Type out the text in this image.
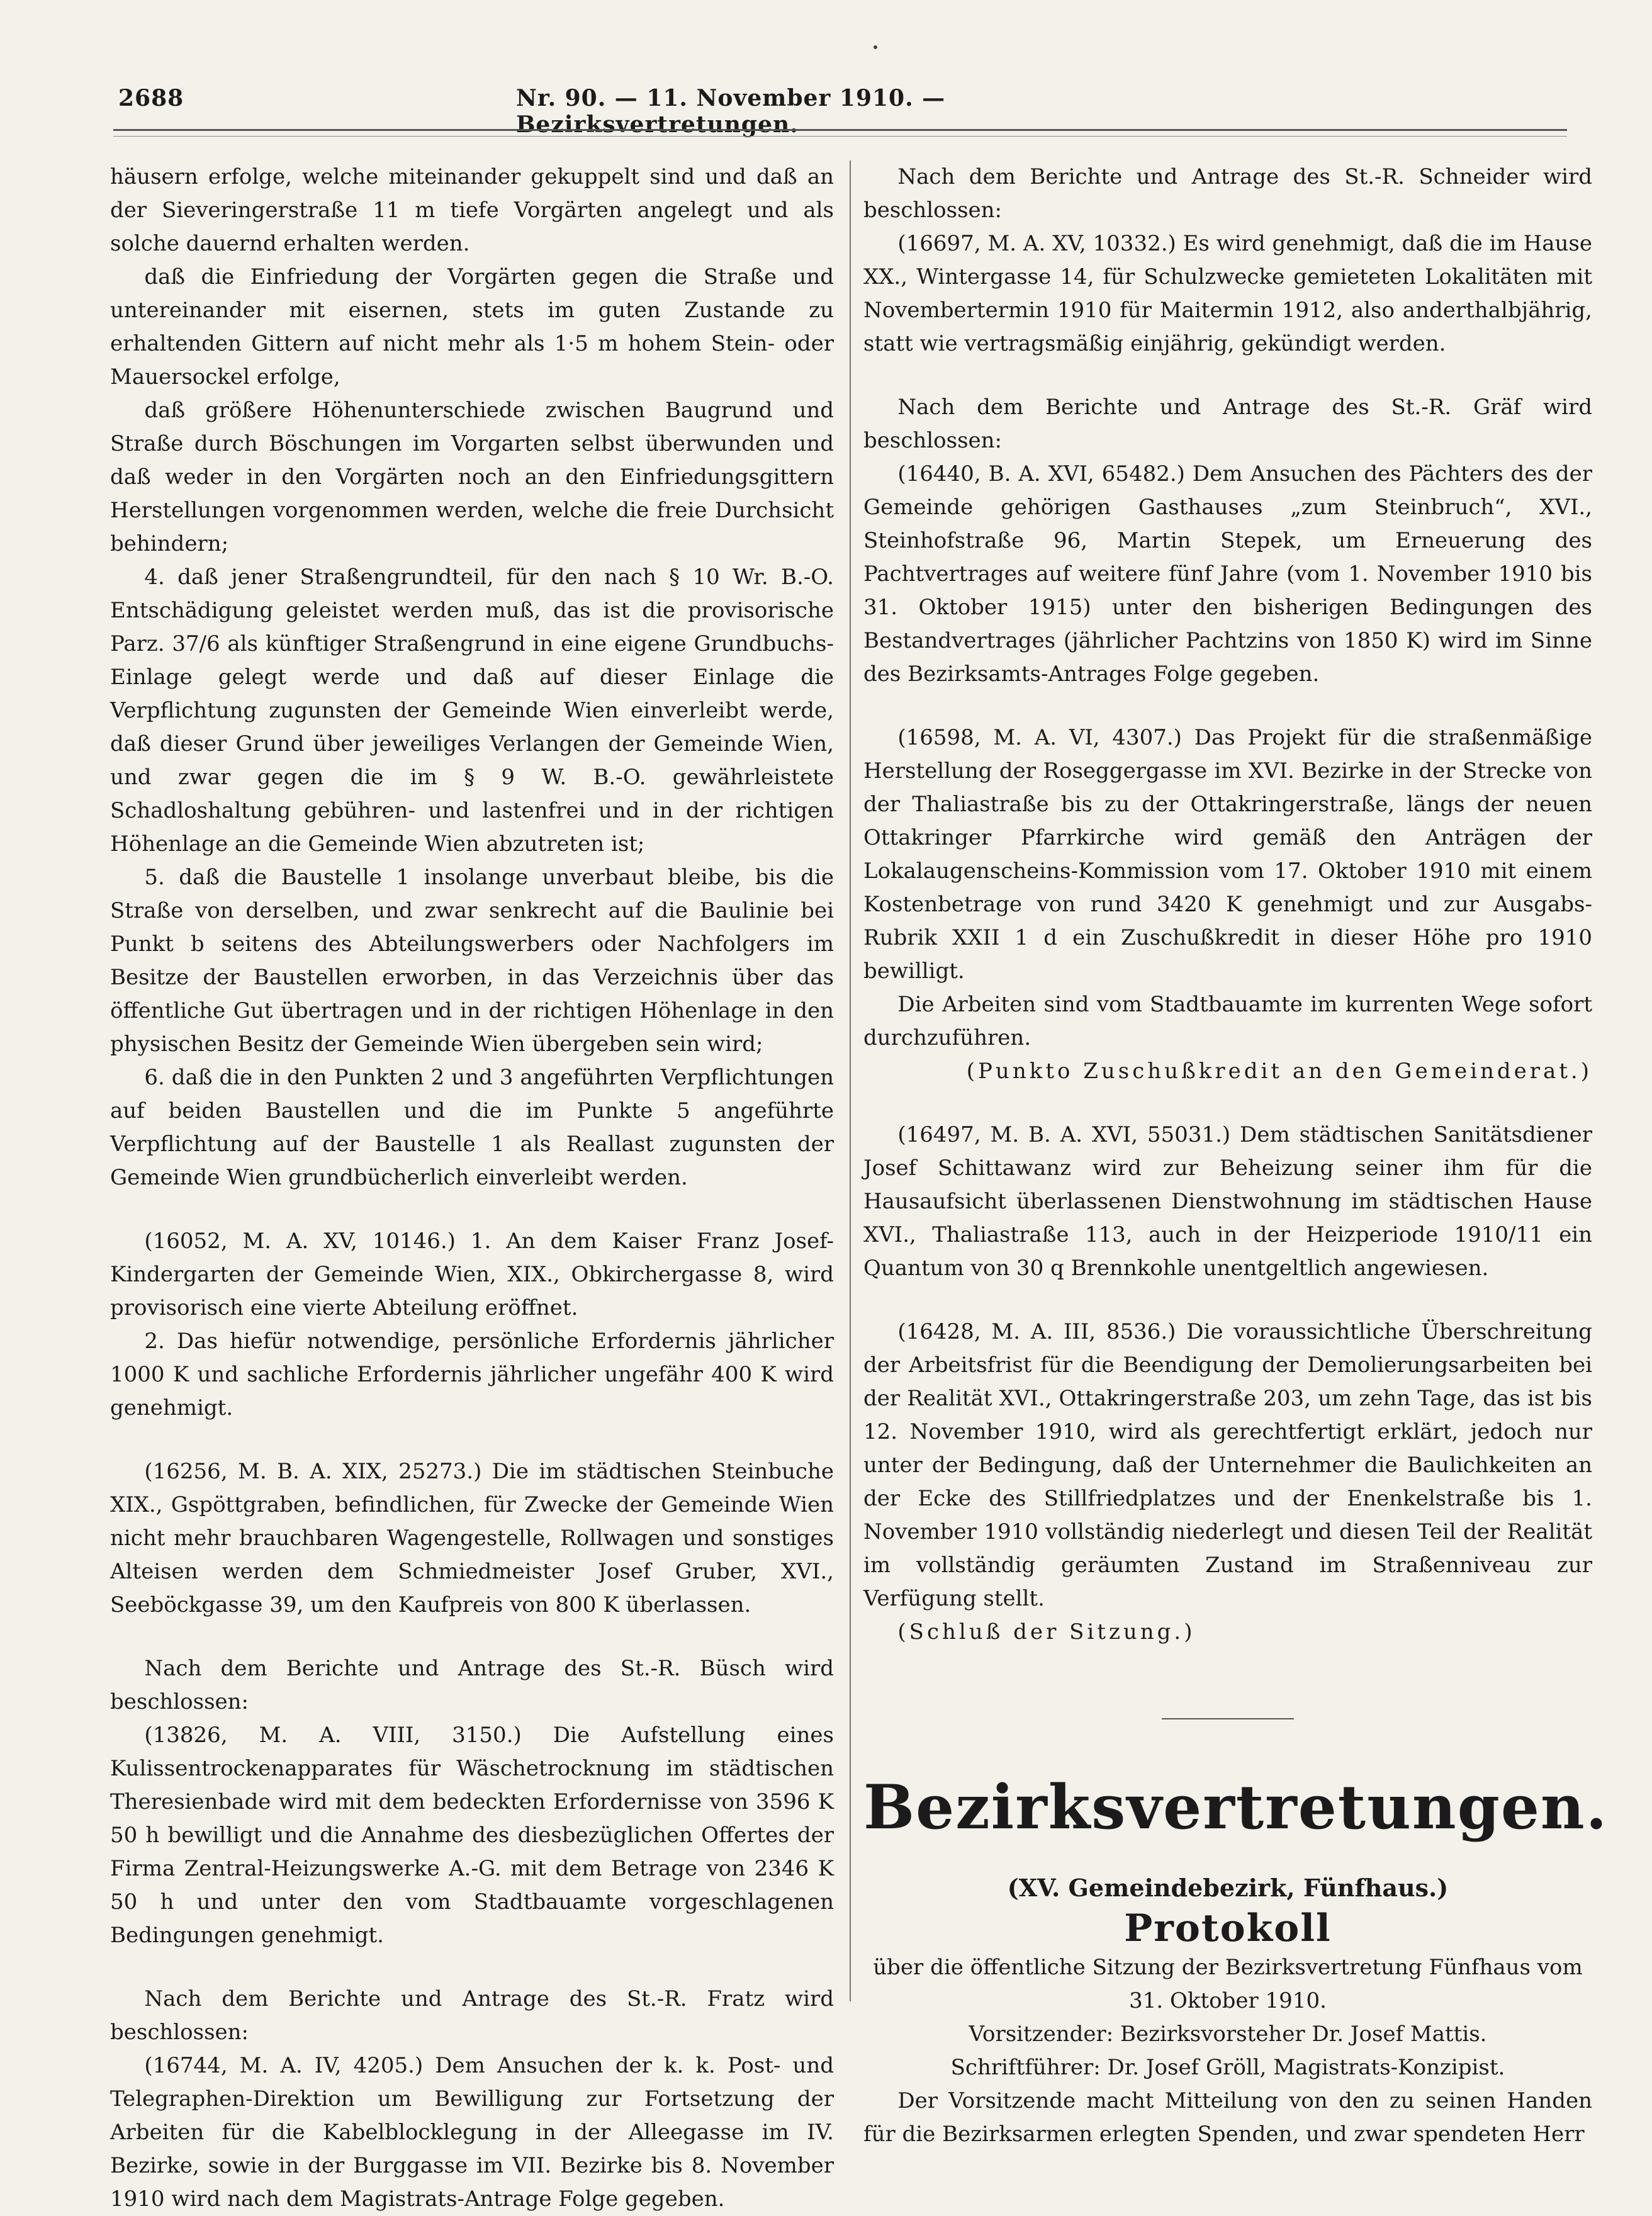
2688	Nr. 90. — 11. November 1910. — Bezirksvertretungen.

häusern erfolge, welche miteinander gekuppelt sind und daß an der Sieveringerstraße 11 m tiefe Vorgärten angelegt und als solche dauernd erhalten werden.

daß die Einfriedung der Vorgärten gegen die Straße und untereinander mit eisernen, stets im guten Zustande zu erhaltenden Gittern auf nicht mehr als 1·5 m hohem Stein- oder Mauersockel erfolge,

daß größere Höhenunterschiede zwischen Baugrund und Straße durch Böschungen im Vorgarten selbst überwunden und daß weder in den Vorgärten noch an den Einfriedungsgittern Herstellungen vorgenommen werden, welche die freie Durchsicht behindern;

4. daß jener Straßengrundteil, für den nach § 10 Wr. B.-O. Entschädigung geleistet werden muß, das ist die provisorische Parz. 37/6 als künftiger Straßengrund in eine eigene Grundbuchs-Einlage gelegt werde und daß auf dieser Einlage die Verpflichtung zugunsten der Gemeinde Wien einverleibt werde, daß dieser Grund über jeweiliges Verlangen der Gemeinde Wien, und zwar gegen die im § 9 W. B.-O. gewährleistete Schadloshaltung gebühren- und lastenfrei und in der richtigen Höhenlage an die Gemeinde Wien abzutreten ist;

5. daß die Baustelle 1 insolange unverbaut bleibe, bis die Straße von derselben, und zwar senkrecht auf die Baulinie bei Punkt b seitens des Abteilungswerbers oder Nachfolgers im Besitze der Baustellen erworben, in das Verzeichnis über das öffentliche Gut übertragen und in der richtigen Höhenlage in den physischen Besitz der Gemeinde Wien übergeben sein wird;

6. daß die in den Punkten 2 und 3 angeführten Verpflichtungen auf beiden Baustellen und die im Punkte 5 angeführte Verpflichtung auf der Baustelle 1 als Reallast zugunsten der Gemeinde Wien grundbücherlich einverleibt werden.

(16052, M. A. XV, 10146.) 1. An dem Kaiser Franz Josef-Kindergarten der Gemeinde Wien, XIX., Obkirchergasse 8, wird provisorisch eine vierte Abteilung eröffnet.

2. Das hiefür notwendige, persönliche Erfordernis jährlicher 1000 K und sachliche Erfordernis jährlicher ungefähr 400 K wird genehmigt.

(16256, M. B. A. XIX, 25273.) Die im städtischen Steinbuche XIX., Gspöttgraben, befindlichen, für Zwecke der Gemeinde Wien nicht mehr brauchbaren Wagengestelle, Rollwagen und sonstiges Alteisen werden dem Schmiedmeister Josef Gruber, XVI., Seeböckgasse 39, um den Kaufpreis von 800 K überlassen.

Nach dem Berichte und Antrage des St.-R. Büsch wird beschlossen:

(13826, M. A. VIII, 3150.) Die Aufstellung eines Kulissentrockenapparates für Wäschetrocknung im städtischen Theresienbade wird mit dem bedeckten Erfordernisse von 3596 K 50 h bewilligt und die Annahme des diesbezüglichen Offertes der Firma Zentral-Heizungswerke A.-G. mit dem Betrage von 2346 K 50 h und unter den vom Stadtbauamte vorgeschlagenen Bedingungen genehmigt.

Nach dem Berichte und Antrage des St.-R. Fratz wird beschlossen:

(16744, M. A. IV, 4205.) Dem Ansuchen der k. k. Post- und Telegraphen-Direktion um Bewilligung zur Fortsetzung der Arbeiten für die Kabelblocklegung in der Alleegasse im IV. Bezirke, sowie in der Burggasse im VII. Bezirke bis 8. November 1910 wird nach dem Magistrats-Antrage Folge gegeben.

Nach dem Berichte und Antrage des St.-R. Schneider wird beschlossen:

(16697, M. A. XV, 10332.) Es wird genehmigt, daß die im Hause XX., Wintergasse 14, für Schulzwecke gemieteten Lokalitäten mit Novembertermin 1910 für Maitermin 1912, also anderthalbjährig, statt wie vertragsmäßig einjährig, gekündigt werden.

Nach dem Berichte und Antrage des St.-R. Gräf wird beschlossen:

(16440, B. A. XVI, 65482.) Dem Ansuchen des Pächters des der Gemeinde gehörigen Gasthauses „zum Steinbruch“, XVI., Steinhofstraße 96, Martin Stepek, um Erneuerung des Pachtvertrages auf weitere fünf Jahre (vom 1. November 1910 bis 31. Oktober 1915) unter den bisherigen Bedingungen des Bestandvertrages (jährlicher Pachtzins von 1850 K) wird im Sinne des Bezirksamts-Antrages Folge gegeben.

(16598, M. A. VI, 4307.) Das Projekt für die straßenmäßige Herstellung der Roseggergasse im XVI. Bezirke in der Strecke von der Thaliastraße bis zu der Ottakringerstraße, längs der neuen Ottakringer Pfarrkirche wird gemäß den Anträgen der Lokalaugenscheins-Kommission vom 17. Oktober 1910 mit einem Kostenbetrage von rund 3420 K genehmigt und zur Ausgabs-Rubrik XXII 1 d ein Zuschußkredit in dieser Höhe pro 1910 bewilligt.

Die Arbeiten sind vom Stadtbauamte im kurrenten Wege sofort durchzuführen.

(Punkto Zuschußkredit an den Gemeinderat.)

(16497, M. B. A. XVI, 55031.) Dem städtischen Sanitätsdiener Josef Schittawanz wird zur Beheizung seiner ihm für die Hausaufsicht überlassenen Dienstwohnung im städtischen Hause XVI., Thaliastraße 113, auch in der Heizperiode 1910/11 ein Quantum von 30 q Brennkohle unentgeltlich angewiesen.

(16428, M. A. III, 8536.) Die voraussichtliche Überschreitung der Arbeitsfrist für die Beendigung der Demolierungsarbeiten bei der Realität XVI., Ottakringerstraße 203, um zehn Tage, das ist bis 12. November 1910, wird als gerechtfertigt erklärt, jedoch nur unter der Bedingung, daß der Unternehmer die Baulichkeiten an der Ecke des Stillfriedplatzes und der Enenkelstraße bis 1. November 1910 vollständig niederlegt und diesen Teil der Realität im vollständig geräumten Zustand im Straßenniveau zur Verfügung stellt.

(Schluß der Sitzung.)

Bezirksvertretungen.

(XV. Gemeindebezirk, Fünfhaus.)

Protokoll

über die öffentliche Sitzung der Bezirksvertretung Fünfhaus vom 31. Oktober 1910.

Vorsitzender: Bezirksvorsteher Dr. Josef Mattis.

Schriftführer: Dr. Josef Gröll, Magistrats-Konzipist.

Der Vorsitzende macht Mitteilung von den zu seinen Handen für die Bezirksarmen erlegten Spenden, und zwar spendeten Herr
